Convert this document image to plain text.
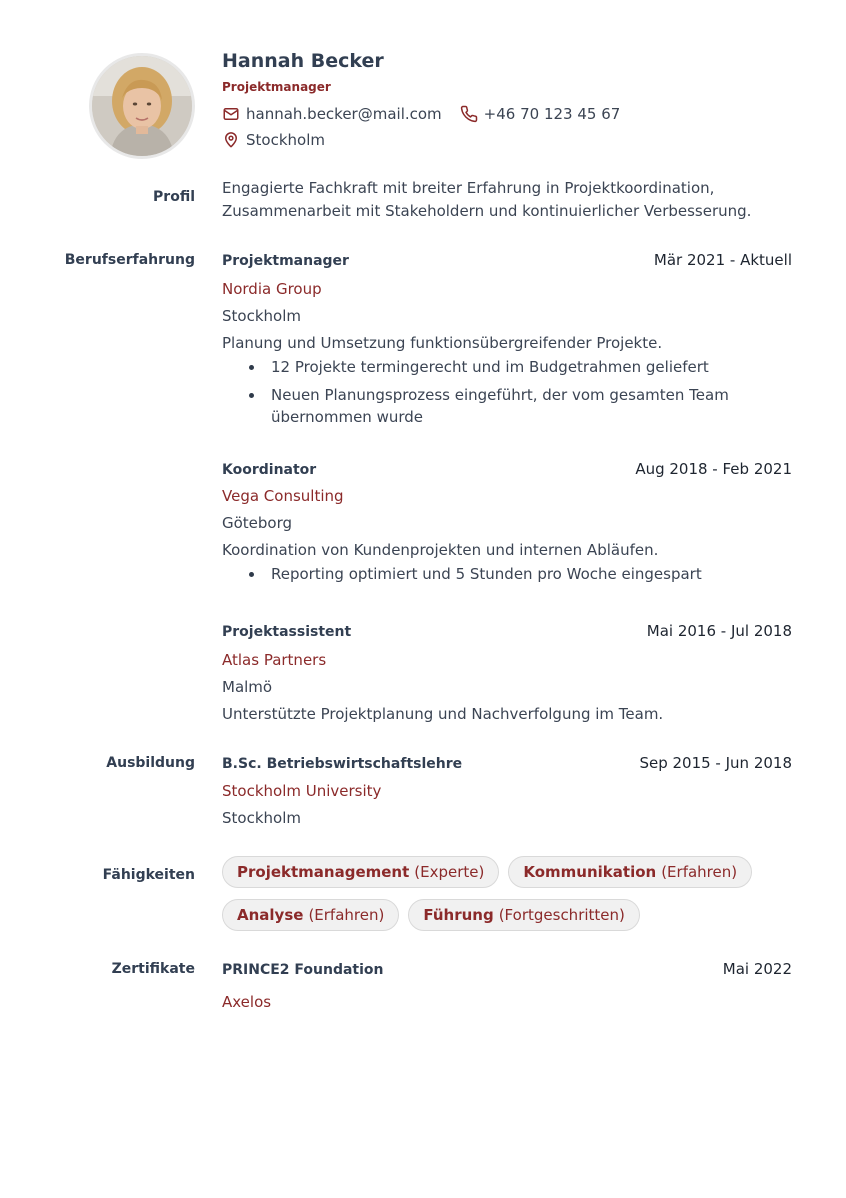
Hannah Becker
Projektmanager
hannah.becker@mail.com	+46 70 123 45 67
Stockholm
Profil Engagierte Fachkraft mit breiter Erfahrung in Projektkoordination,
Zusammenarbeit mit Stakeholdern und kontinuierlicher Verbesserung.
Berufserfahrung Projektmanager	Mär 2021 - Aktuell
Nordia Group
Stockholm
Planung und Umsetzung funktionsübergreifender Projekte.
12 Projekte termingerecht und im Budgetrahmen geliefert
Neuen Planungsprozess eingeführt, der vom gesamten Team übernommen wurde
Koordinator	Aug 2018 - Feb 2021
Vega Consulting
Göteborg
Koordination von Kundenprojekten und internen Abläufen.
Reporting optimiert und 5 Stunden pro Woche eingespart
Projektassistent	Mai 2016 - Jul 2018
Atlas Partners
Malmö
Unterstützte Projektplanung und Nachverfolgung im Team.
Ausbildung B.Sc. Betriebswirtschaftslehre	Sep 2015 - Jun 2018
Stockholm University
Stockholm
Fähigkeiten	Projektmanagement (Experte)	Kommunikation (Erfahren)
Analyse (Erfahren)	Führung (Fortgeschritten)
Zertifikate PRINCE2 Foundation	Mai 2022
Axelos
